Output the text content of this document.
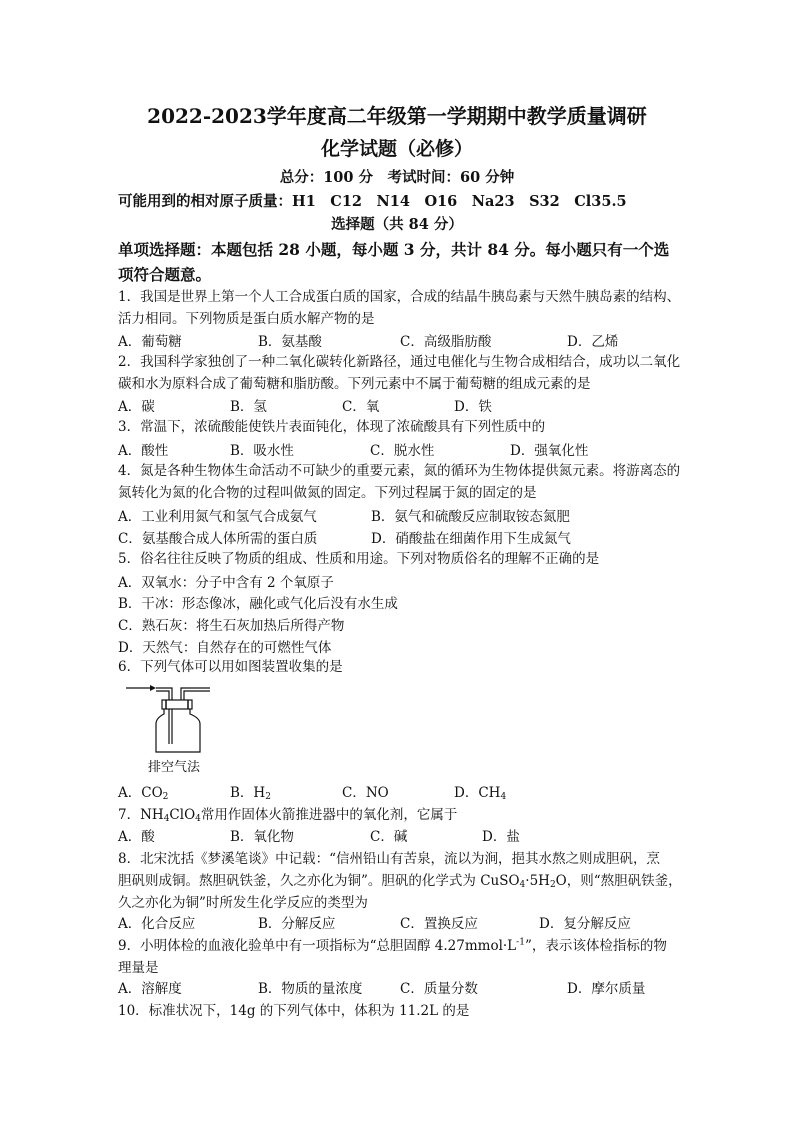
2022-2023学年度高二年级第一学期期中教学质量调研
化学试题（必修）
总分：100 分　考试时间：60 分钟
可能用到的相对原子质量：H1　C12　N14　O16　Na23　S32　Cl35.5
选择题（共 84 分）
单项选择题：本题包括 28 小题，每小题 3 分，共计 84 分。每小题只有一个选项符合题意。
1．我国是世界上第一个人工合成蛋白质的国家，合成的结晶牛胰岛素与天然牛胰岛素的结构、活力相同。下列物质是蛋白质水解产物的是
A．葡萄糖	B．氨基酸	C．高级脂肪酸	D．乙烯
2．我国科学家独创了一种二氧化碳转化新路径，通过电催化与生物合成相结合，成功以二氧化碳和水为原料合成了葡萄糖和脂肪酸。下列元素中不属于葡萄糖的组成元素的是
A．碳	B．氢	C．氧	D．铁
3．常温下，浓硫酸能使铁片表面钝化，体现了浓硫酸具有下列性质中的
A．酸性	B．吸水性	C．脱水性	D．强氧化性
4．氮是各种生物体生命活动不可缺少的重要元素，氮的循环为生物体提供氮元素。将游离态的氮转化为氮的化合物的过程叫做氮的固定。下列过程属于氮的固定的是
A．工业利用氮气和氢气合成氨气	B．氨气和硫酸反应制取铵态氮肥
C．氨基酸合成人体所需的蛋白质	D．硝酸盐在细菌作用下生成氮气
5．俗名往往反映了物质的组成、性质和用途。下列对物质俗名的理解不正确的是
A．双氧水：分子中含有 2 个氧原子
B．干冰：形态像冰，融化或气化后没有水生成
C．熟石灰：将生石灰加热后所得产物
D．天然气：自然存在的可燃性气体
6．下列气体可以用如图装置收集的是
排空气法
A．$CO_2$	B．$H_2$	C．NO	D．$CH_4$
7．$NH_4ClO_4$常用作固体火箭推进器中的氧化剂，它属于
A．酸	B．氧化物	C．碱	D．盐
8．北宋沈括《梦溪笔谈》中记载：“信州铅山有苦泉，流以为涧，挹其水熬之则成胆矾，烹
胆矾则成铜。熬胆矾铁釜，久之亦化为铜”。胆矾的化学式为 $CuSO_4\cdot 5H_2O$，则“熬胆矾铁釜，
久之亦化为铜”时所发生化学反应的类型为
A．化合反应	B．分解反应	C．置换反应	D．复分解反应
9．小明体检的血液化验单中有一项指标为“总胆固醇 $4.27mmol\cdot L^{-1}$”，表示该体检指标的物
理量是
A．溶解度	B．物质的量浓度	C．质量分数	D．摩尔质量
10．标准状况下，14g 的下列气体中，体积为 11.2L 的是
